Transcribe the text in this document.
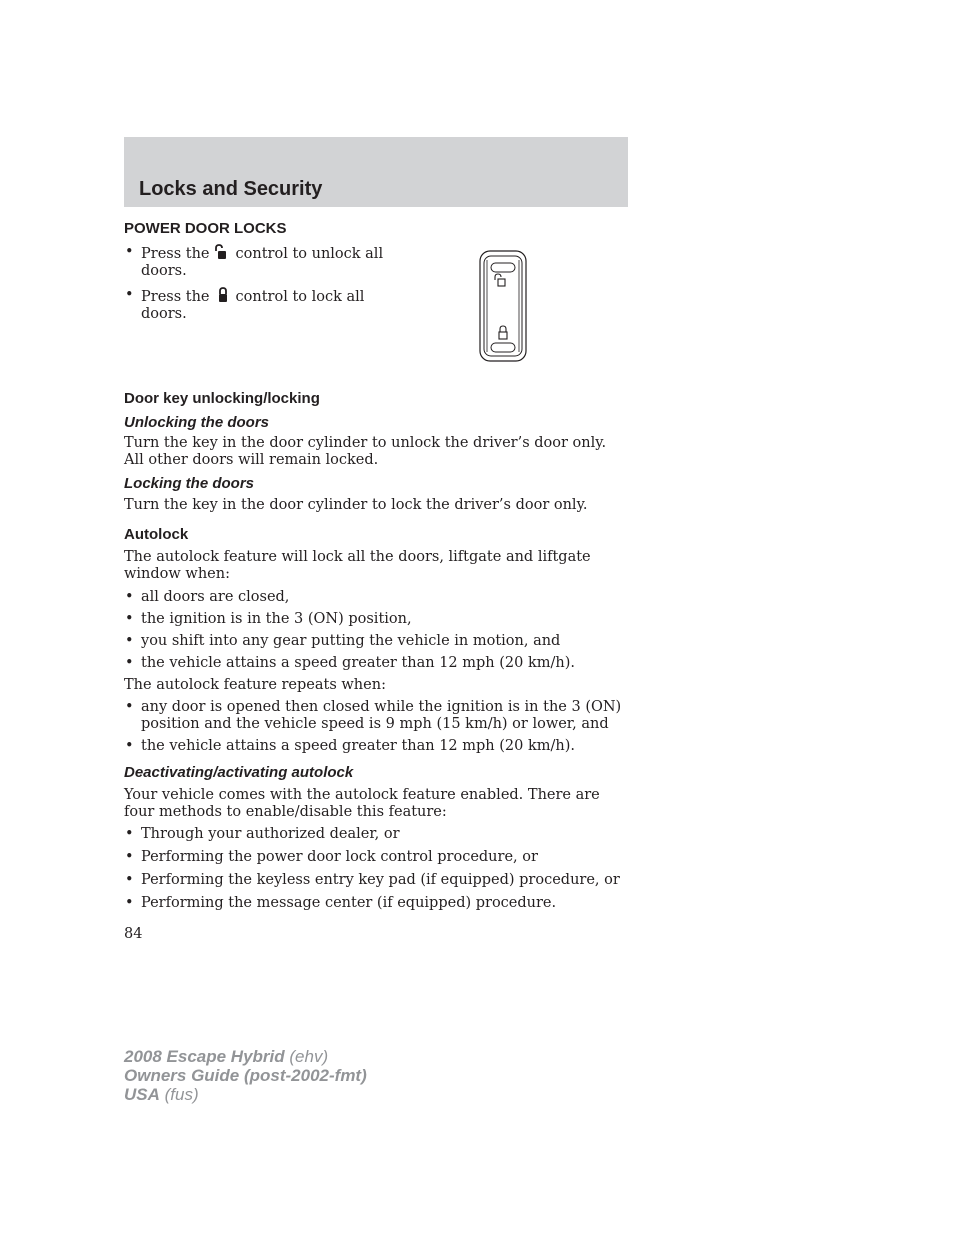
Locks and Security
POWER DOOR LOCKS
• Press the control to unlock all doors.
• Press the control to lock all doors.
Door key unlocking/locking
Unlocking the doors

Turn the key in the door cylinder to unlock the driver’s door only. All other doors will remain locked.

Locking the doors

Turn the key in the door cylinder to lock the driver’s door only.

Autolock

The autolock feature will lock all the doors, liftgate and liftgate window when:

• all doors are closed,
• the ignition is in the 3 (ON) position,
• you shift into any gear putting the vehicle in motion, and
• the vehicle attains a speed greater than 12 mph (20 km/h).

The autolock feature repeats when:

• any door is opened then closed while the ignition is in the 3 (ON) position and the vehicle speed is 9 mph (15 km/h) or lower, and
• the vehicle attains a speed greater than 12 mph (20 km/h).
Deactivating/activating autolock

Your vehicle comes with the autolock feature enabled. There are four methods to enable/disable this feature:

• Through your authorized dealer, or
• Performing the power door lock control procedure, or
• Performing the keyless entry key pad (if equipped) procedure, or
• Performing the message center (if equipped) procedure.

84

2008 Escape Hybrid (ehv)
Owners Guide (post-2002-fmt)
USA (fus)
